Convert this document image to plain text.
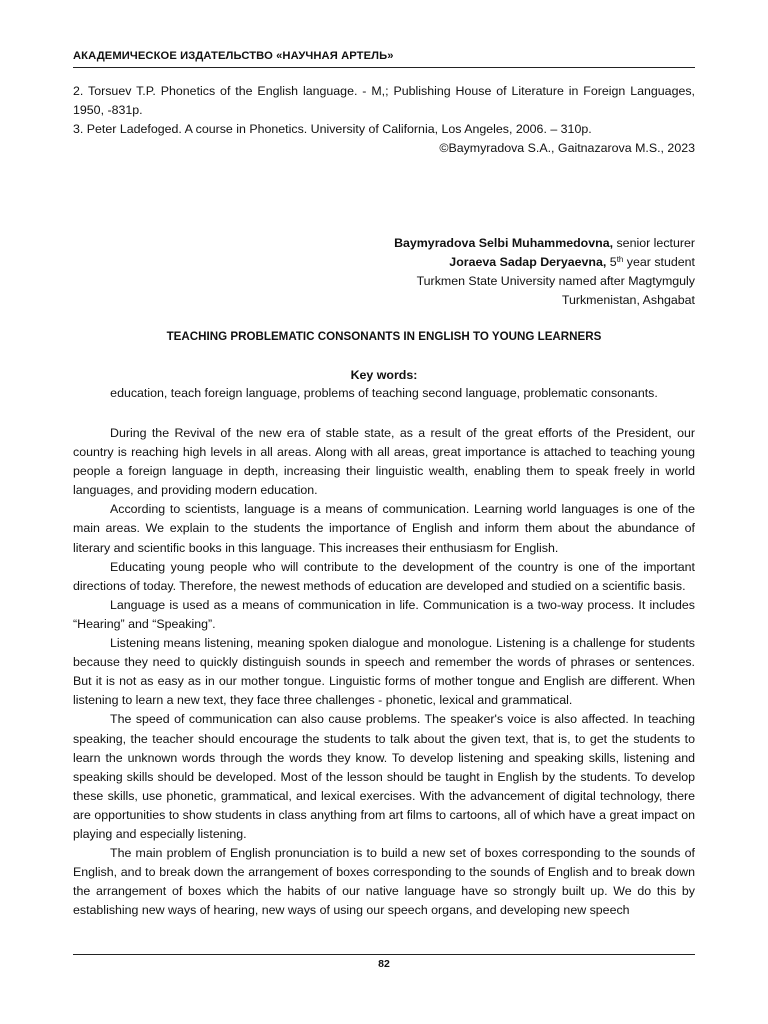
АКАДЕМИЧЕСКОЕ ИЗДАТЕЛЬСТВО «НАУЧНАЯ АРТЕЛЬ»
2. Torsuev T.P. Phonetics of the English language. - M,; Publishing House of Literature in Foreign Languages, 1950, -831p.
3. Peter Ladefoged. A course in Phonetics. University of California, Los Angeles, 2006. – 310p.
©Baymyradova S.A., Gaitnazarova M.S., 2023
Baymyradova Selbi Muhammedovna, senior lecturer
Joraeva Sadap Deryaevna, 5th year student
Turkmen State University named after Magtymguly
Turkmenistan, Ashgabat
TEACHING PROBLEMATIC CONSONANTS IN ENGLISH TO YOUNG LEARNERS
Key words:
education, teach foreign language, problems of teaching second language, problematic consonants.

During the Revival of the new era of stable state, as a result of the great efforts of the President, our country is reaching high levels in all areas. Along with all areas, great importance is attached to teaching young people a foreign language in depth, increasing their linguistic wealth, enabling them to speak freely in world languages, and providing modern education.

According to scientists, language is a means of communication. Learning world languages is one of the main areas. We explain to the students the importance of English and inform them about the abundance of literary and scientific books in this language. This increases their enthusiasm for English.

Educating young people who will contribute to the development of the country is one of the important directions of today. Therefore, the newest methods of education are developed and studied on a scientific basis.

Language is used as a means of communication in life. Communication is a two-way process. It includes “Hearing” and “Speaking”.

Listening means listening, meaning spoken dialogue and monologue. Listening is a challenge for students because they need to quickly distinguish sounds in speech and remember the words of phrases or sentences. But it is not as easy as in our mother tongue. Linguistic forms of mother tongue and English are different. When listening to learn a new text, they face three challenges - phonetic, lexical and grammatical.

The speed of communication can also cause problems. The speaker's voice is also affected. In teaching speaking, the teacher should encourage the students to talk about the given text, that is, to get the students to learn the unknown words through the words they know. To develop listening and speaking skills, listening and speaking skills should be developed. Most of the lesson should be taught in English by the students. To develop these skills, use phonetic, grammatical, and lexical exercises. With the advancement of digital technology, there are opportunities to show students in class anything from art films to cartoons, all of which have a great impact on playing and especially listening.

The main problem of English pronunciation is to build a new set of boxes corresponding to the sounds of English, and to break down the arrangement of boxes corresponding to the sounds of English and to break down the arrangement of boxes which the habits of our native language have so strongly built up. We do this by establishing new ways of hearing, new ways of using our speech organs, and developing new speech

82
